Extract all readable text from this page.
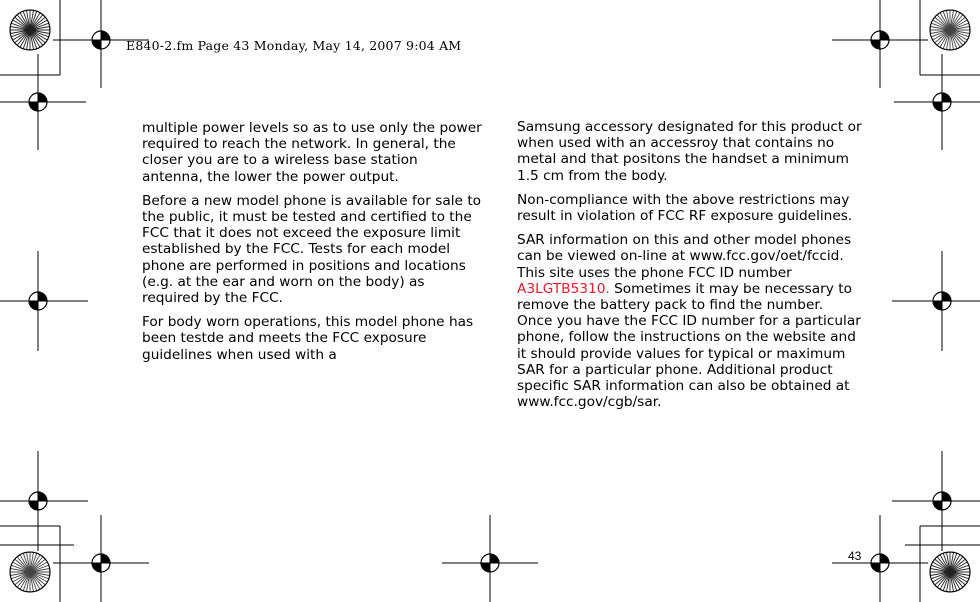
E840-2.fm Page 43 Monday, May 14, 2007 9:04 AM

multiple power levels so as to use only the power required to reach the network. In general, the closer you are to a wireless base station antenna, the lower the power output.

Before a new model phone is available for sale to the public, it must be tested and certified to the FCC that it does not exceed the exposure limit established by the FCC. Tests for each model phone are performed in positions and locations (e.g. at the ear and worn on the body) as required by the FCC.

For body worn operations, this model phone has been testde and meets the FCC exposure guidelines when used with a

Samsung accessory designated for this product or when used with an accessroy that contains no metal and that positons the handset a minimum 1.5 cm from the body.

Non-compliance with the above restrictions may result in violation of FCC RF exposure guidelines.

SAR information on this and other model phones can be viewed on-line at www.fcc.gov/oet/fccid. This site uses the phone FCC ID number A3LGTB5310. Sometimes it may be necessary to remove the battery pack to find the number. Once you have the FCC ID number for a particular phone, follow the instructions on the website and it should provide values for typical or maximum SAR for a particular phone. Additional product specific SAR information can also be obtained at www.fcc.gov/cgb/sar.

43
